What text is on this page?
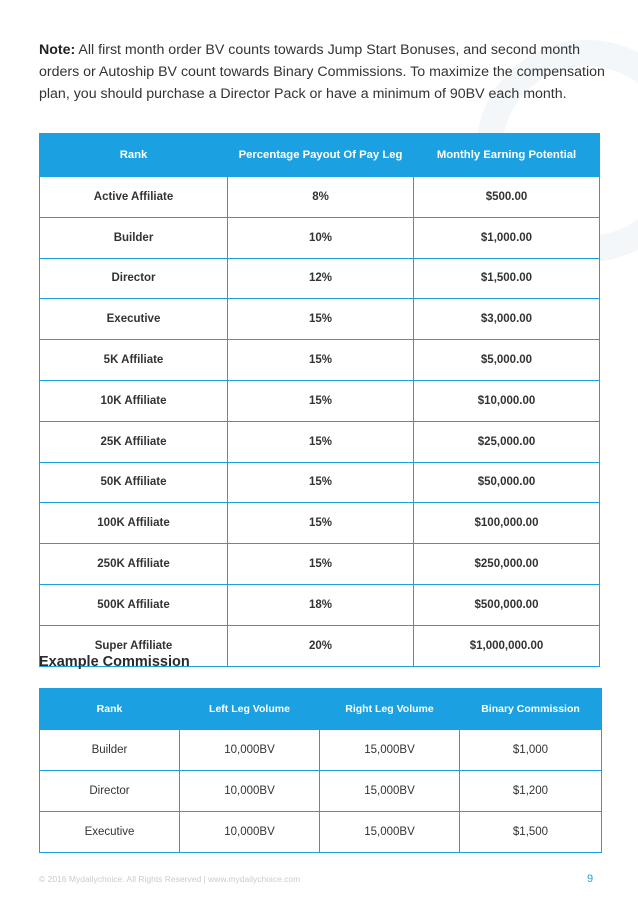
Note: All first month order BV counts towards Jump Start Bonuses, and second month orders or Autoship BV count towards Binary Commissions. To maximize the compensation plan, you should purchase a Director Pack or have a minimum of 90BV each month.

Rank	Percentage Payout Of Pay Leg	Monthly Earning Potential
Active Affiliate	8%	$500.00
Builder	10%	$1,000.00
Director	12%	$1,500.00
Executive	15%	$3,000.00
5K Affiliate	15%	$5,000.00
10K Affiliate	15%	$10,000.00
25K Affiliate	15%	$25,000.00
50K Affiliate	15%	$50,000.00
100K Affiliate	15%	$100,000.00
250K Affiliate	15%	$250,000.00
500K Affiliate	18%	$500,000.00
Super Affiliate	20%	$1,000,000.00
Example Commission
Rank	Left Leg Volume	Right Leg Volume	Binary Commission
Builder	10,000BV	15,000BV	$1,000
Director	10,000BV	15,000BV	$1,200
Executive	10,000BV	15,000BV	$1,500
© 2016 Mydailychoice. All Rights Reserved | www.mydailychoice.com	9
